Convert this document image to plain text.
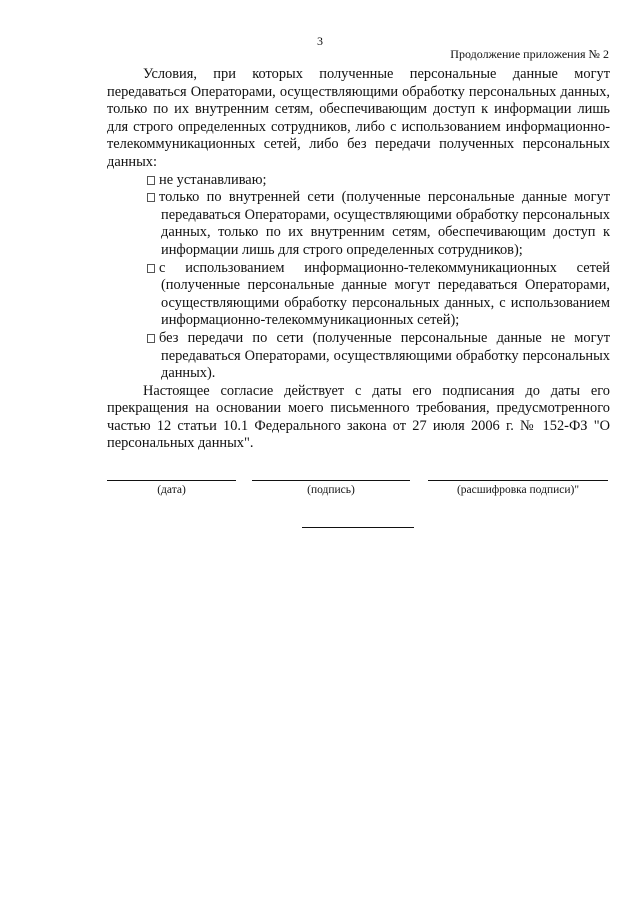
3
Продолжение приложения № 2

Условия, при которых полученные персональные данные могут передаваться Операторами, осуществляющими обработку персональных данных, только по их внутренним сетям, обеспечивающим доступ к информации лишь для строго определенных сотрудников, либо с использованием информационно-телекоммуникационных сетей, либо без передачи полученных персональных данных:

не устанавливаю;

только по внутренней сети (полученные персональные данные могут передаваться Операторами, осуществляющими обработку персональных данных, только по их внутренним сетям, обеспечивающим доступ к информации лишь для строго определенных сотрудников);

с использованием информационно-телекоммуникационных сетей (полученные персональные данные могут передаваться Операторами, осуществляющими обработку персональных данных, с использованием информационно-телекоммуникационных сетей);

без передачи по сети (полученные персональные данные не могут передаваться Операторами, осуществляющими обработку персональных данных).

Настоящее согласие действует с даты его подписания до даты его прекращения на основании моего письменного требования, предусмотренного частью 12 статьи 10.1 Федерального закона от 27 июля 2006 г. № 152-ФЗ "О персональных данных".

(дата)	(подпись)	(расшифровка подписи)"
